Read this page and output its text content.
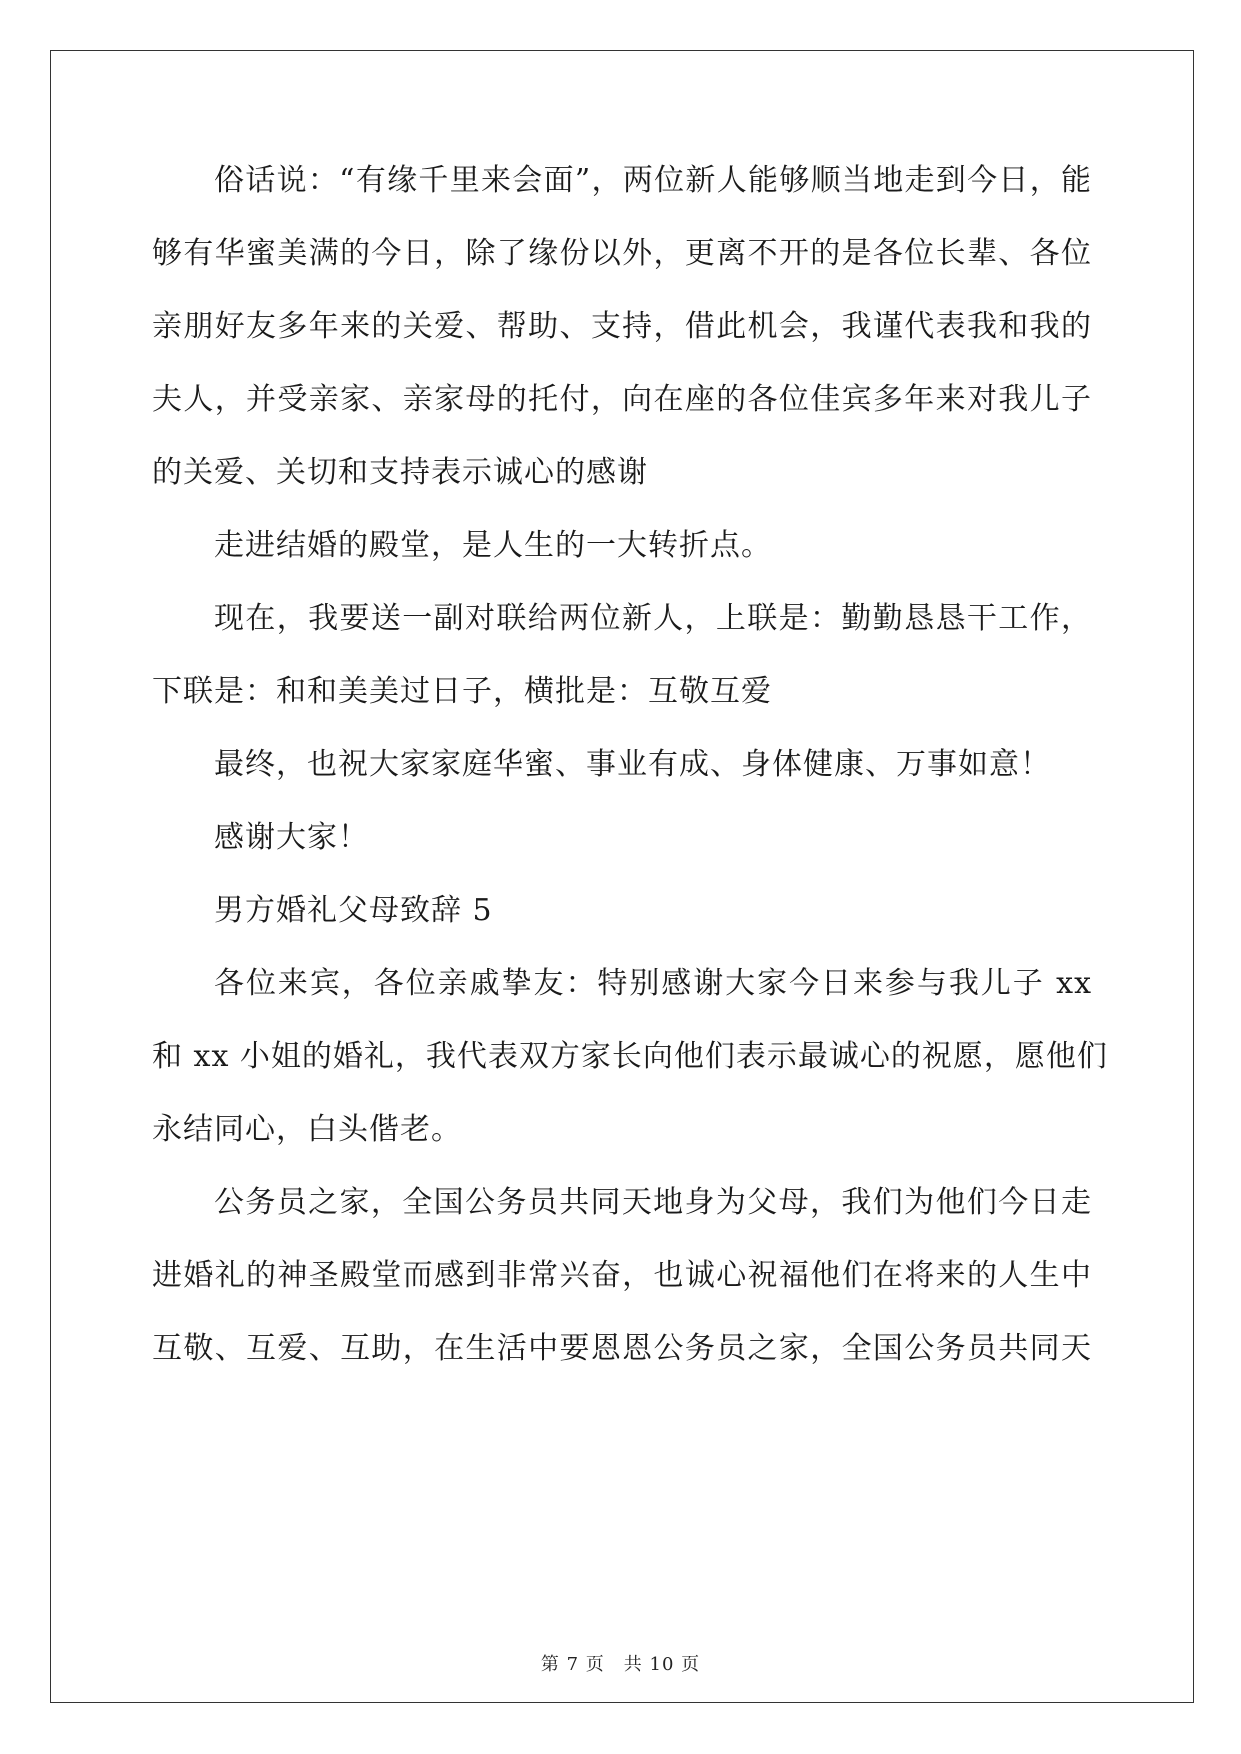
俗话说：“有缘千里来会面”，两位新人能够顺当地走到今日，能
够有华蜜美满的今日，除了缘份以外，更离不开的是各位长辈、各位
亲朋好友多年来的关爱、帮助、支持，借此机会，我谨代表我和我的
夫人，并受亲家、亲家母的托付，向在座的各位佳宾多年来对我儿子
的关爱、关切和支持表示诚心的感谢
走进结婚的殿堂，是人生的一大转折点。
现在，我要送一副对联给两位新人，上联是：勤勤恳恳干工作，
下联是：和和美美过日子，横批是：互敬互爱
最终，也祝大家家庭华蜜、事业有成、身体健康、万事如意！
感谢大家！
男方婚礼父母致辞 5
各位来宾，各位亲戚挚友：特别感谢大家今日来参与我儿子 xx
和 xx 小姐的婚礼，我代表双方家长向他们表示最诚心的祝愿，愿他们
永结同心，白头偕老。
公务员之家，全国公务员共同天地身为父母，我们为他们今日走
进婚礼的神圣殿堂而感到非常兴奋，也诚心祝福他们在将来的人生中
互敬、互爱、互助，在生活中要恩恩公务员之家，全国公务员共同天
第 7 页　共 10 页
